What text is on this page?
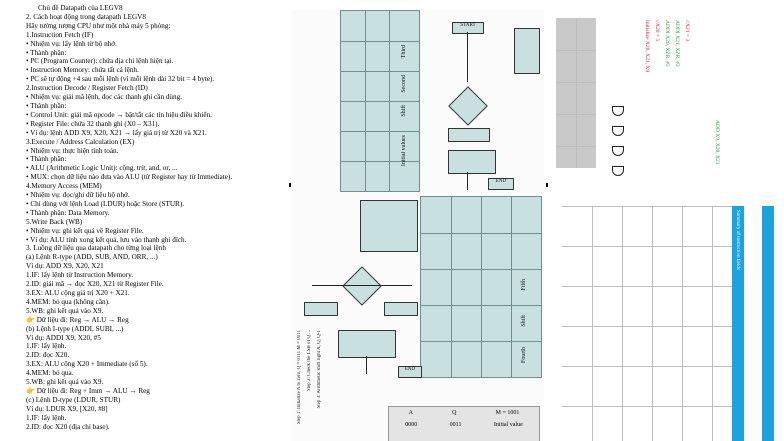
Chủ đề Datapath của LEGV8
2. Cách hoạt động trong datapath LEGV8
Hãy tưởng tượng CPU như một nhà máy 5 phòng:
1.Instruction Fetch (IF)
• Nhiệm vụ: lấy lệnh từ bộ nhớ.
• Thành phần:
• PC (Program Counter): chứa địa chỉ lệnh hiện tại.
• Instruction Memory: chứa tất cả lệnh.
• PC sẽ tự động +4 sau mỗi lệnh (vì mỗi lệnh dài 32 bit = 4 byte).
2.Instruction Decode / Register Fetch (ID)
• Nhiệm vụ: giải mã lệnh, đọc các thanh ghi cần dùng.
• Thành phần:
• Control Unit: giải mã opcode → bật/tắt các tín hiệu điều khiển.
• Register File: chứa 32 thanh ghi (X0 – X31).
• Ví dụ: lệnh ADD X9, X20, X21 → lấy giá trị từ X20 và X21.
3.Execute / Address Calculation (EX)
• Nhiệm vụ: thực hiện tính toán.
• Thành phần:
• ALU (Arithmetic Logic Unit): cộng, trừ, and, or, ...
• MUX: chọn dữ liệu nào đưa vào ALU (từ Register hay từ Immediate).
4.Memory Access (MEM)
• Nhiệm vụ: đọc/ghi dữ liệu bộ nhớ.
• Chỉ dùng với lệnh Load (LDUR) hoặc Store (STUR).
• Thành phần: Data Memory.
5.Write Back (WB)
• Nhiệm vụ: ghi kết quả về Register File.
• Ví dụ: ALU tính xong kết quả, lưu vào thanh ghi đích.
3. Luồng dữ liệu qua datapath cho từng loại lệnh
(a) Lệnh R-type (ADD, SUB, AND, ORR, ...)
Ví dụ: ADD X9, X20, X21
1.IF: lấy lệnh từ Instruction Memory.
2.ID: giải mã → đọc X20, X21 từ Register File.
3.EX: ALU cộng giá trị X20 + X21.
4.MEM: bỏ qua (không cần).
5.WB: ghi kết quả vào X9.
👉 Dữ liệu đi: Reg → ALU → Reg
(b) Lệnh I-type (ADDI, SUBI, ...)
Ví dụ: ADDI X9, X20, #5
1.IF: lấy lệnh.
2.ID: đọc X20.
3.EX: ALU cộng X20 + Immediate (số 5).
4.MEM: bỏ qua.
5.WB: ghi kết quả vào X9.
👉 Dữ liệu đi: Reg + Imm → ALU → Reg
(c) Lệnh D-type (LDUR, STUR)
Ví dụ: LDUR X9, [X20, #8]
1.IF: lấy lệnh.
2.ID: đọc X20 (địa chỉ base).
Initial values
Shift
Second
Third
Shift
Fourth
Fifth
START
END
END
Step 1: Initialize A to zero, Q = 0111 M = 0011 Step 2: Check the LSB of Q ... Step 3: Arithmetic shift right A, Q, Q-1
A	Q	M = 1001
0000	0011	Initial value
Initialize X20, X21, X9 //X20 = 5 ADDI X20, XZR, #5 ADDI X21, XZR, #3 //X21 = 3
ADD X9, X20, X21
Summary of instruction fields
